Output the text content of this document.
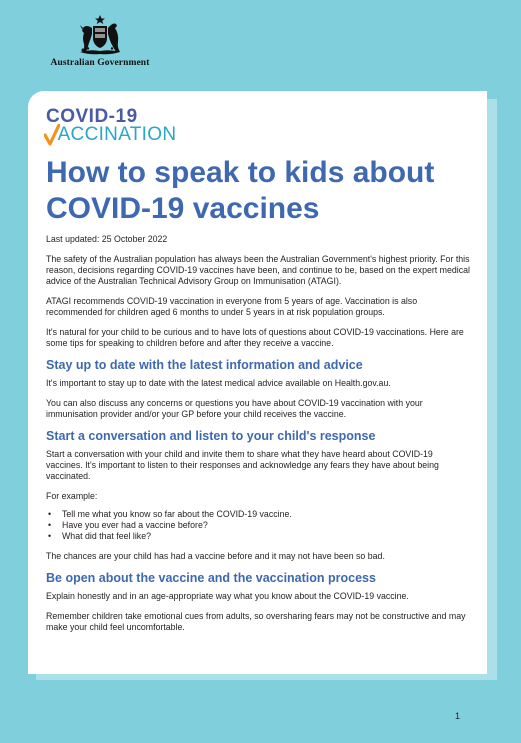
Australian Government
COVID-19
ACCINATION
How to speak to kids about COVID-19 vaccines
Last updated: 25 October 2022

The safety of the Australian population has always been the Australian Government's highest priority. For this reason, decisions regarding COVID-19 vaccines have been, and continue to be, based on the expert medical advice of the Australian Technical Advisory Group on Immunisation (ATAGI).

ATAGI recommends COVID-19 vaccination in everyone from 5 years of age. Vaccination is also recommended for children aged 6 months to under 5 years in at risk population groups.

It's natural for your child to be curious and to have lots of questions about COVID-19 vaccinations. Here are some tips for speaking to children before and after they receive a vaccine.

Stay up to date with the latest information and advice

It's important to stay up to date with the latest medical advice available on Health.gov.au.

You can also discuss any concerns or questions you have about COVID-19 vaccination with your immunisation provider and/or your GP before your child receives the vaccine.

Start a conversation and listen to your child's response

Start a conversation with your child and invite them to share what they have heard about COVID-19 vaccines. It's important to listen to their responses and acknowledge any fears they have about being vaccinated.

For example:

• Tell me what you know so far about the COVID-19 vaccine.
• Have you ever had a vaccine before?
• What did that feel like?

The chances are your child has had a vaccine before and it may not have been so bad.

Be open about the vaccine and the vaccination process

Explain honestly and in an age-appropriate way what you know about the COVID-19 vaccine.

Remember children take emotional cues from adults, so oversharing fears may not be constructive and may make your child feel uncomfortable.

1
